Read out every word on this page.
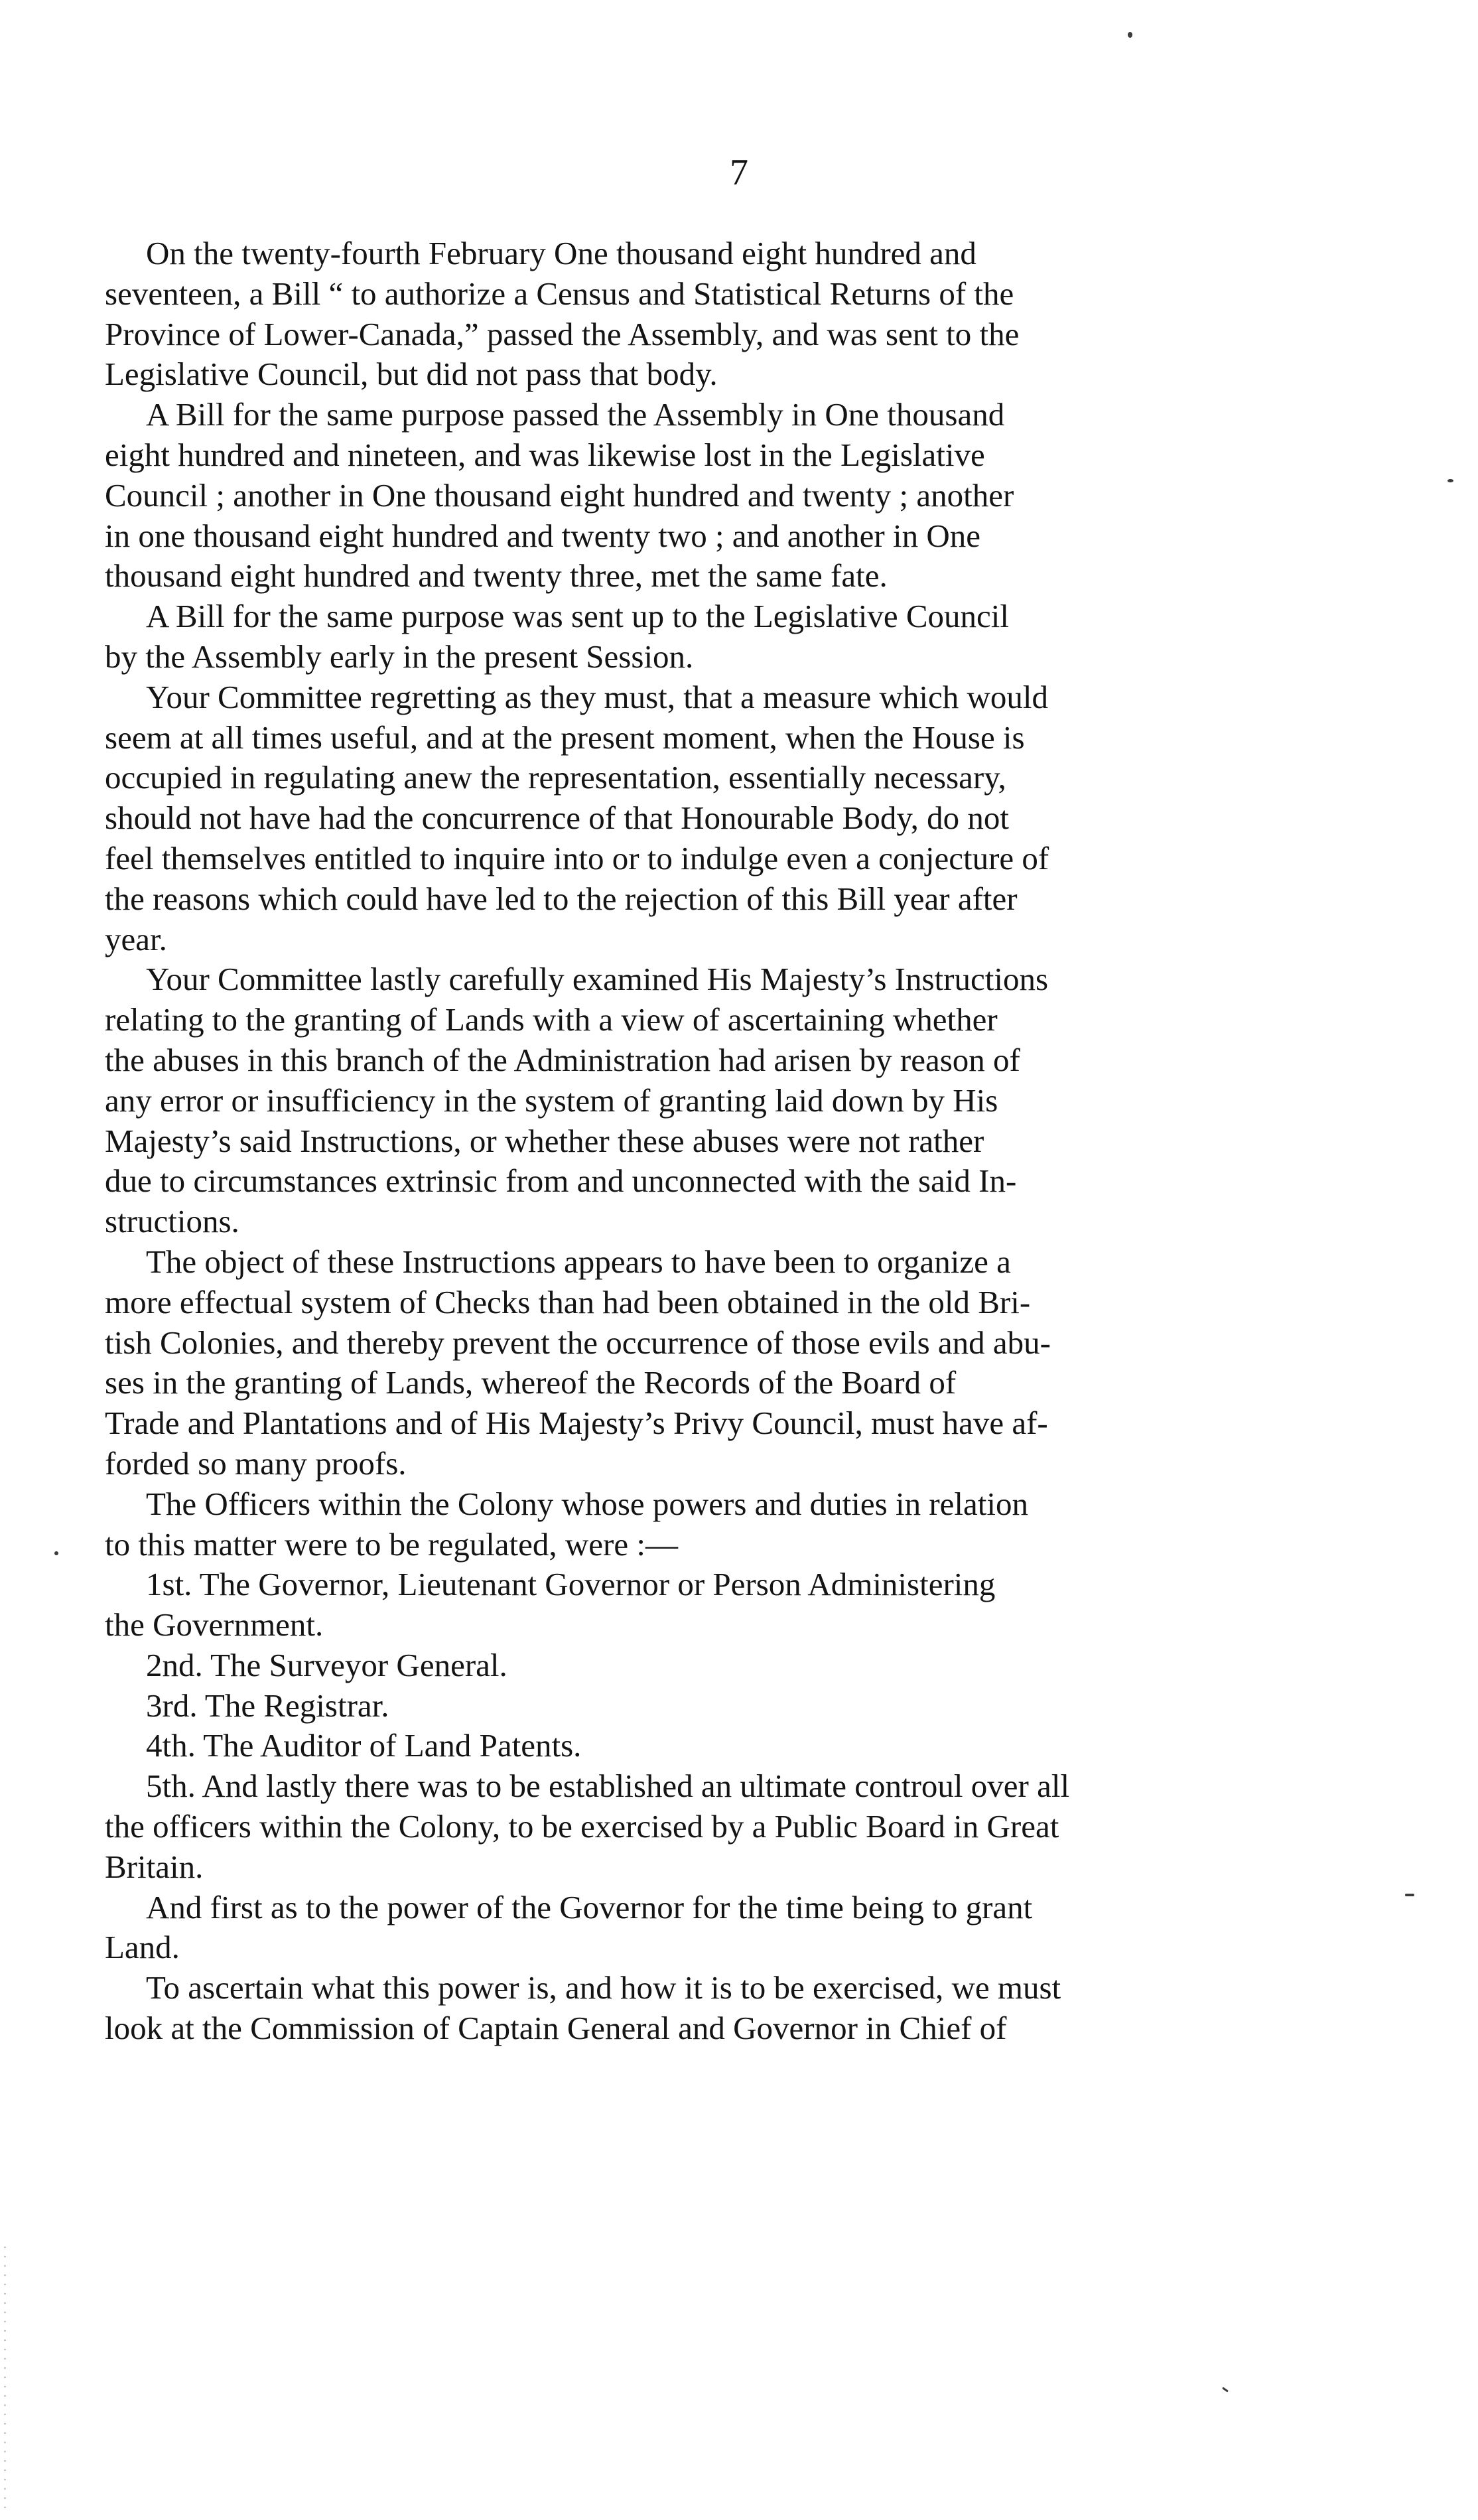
7
On the twenty-fourth February One thousand eight hundred and
seventeen, a Bill “ to authorize a Census and Statistical Returns of the
Province of Lower-Canada,” passed the Assembly, and was sent to the
Legislative Council, but did not pass that body.
A Bill for the same purpose passed the Assembly in One thousand
eight hundred and nineteen, and was likewise lost in the Legislative
Council ; another in One thousand eight hundred and twenty ; another
in one thousand eight hundred and twenty two ; and another in One
thousand eight hundred and twenty three, met the same fate.
A Bill for the same purpose was sent up to the Legislative Council
by the Assembly early in the present Session.
Your Committee regretting as they must, that a measure which would
seem at all times useful, and at the present moment, when the House is
occupied in regulating anew the representation, essentially necessary,
should not have had the concurrence of that Honourable Body, do not
feel themselves entitled to inquire into or to indulge even a conjecture of
the reasons which could have led to the rejection of this Bill year after
year.
Your Committee lastly carefully examined His Majesty’s Instructions
relating to the granting of Lands with a view of ascertaining whether
the abuses in this branch of the Administration had arisen by reason of
any error or insufficiency in the system of granting laid down by His
Majesty’s said Instructions, or whether these abuses were not rather
due to circumstances extrinsic from and unconnected with the said In-
structions.
The object of these Instructions appears to have been to organize a
more effectual system of Checks than had been obtained in the old Bri-
tish Colonies, and thereby prevent the occurrence of those evils and abu-
ses in the granting of Lands, whereof the Records of the Board of
Trade and Plantations and of His Majesty’s Privy Council, must have af-
forded so many proofs.
The Officers within the Colony whose powers and duties in relation
to this matter were to be regulated, were :—
1st. The Governor, Lieutenant Governor or Person Administering
the Government.
2nd. The Surveyor General.
3rd. The Registrar.
4th. The Auditor of Land Patents.
5th. And lastly there was to be established an ultimate controul over all
the officers within the Colony, to be exercised by a Public Board in Great
Britain.
And first as to the power of the Governor for the time being to grant
Land.
To ascertain what this power is, and how it is to be exercised, we must
look at the Commission of Captain General and Governor in Chief of
